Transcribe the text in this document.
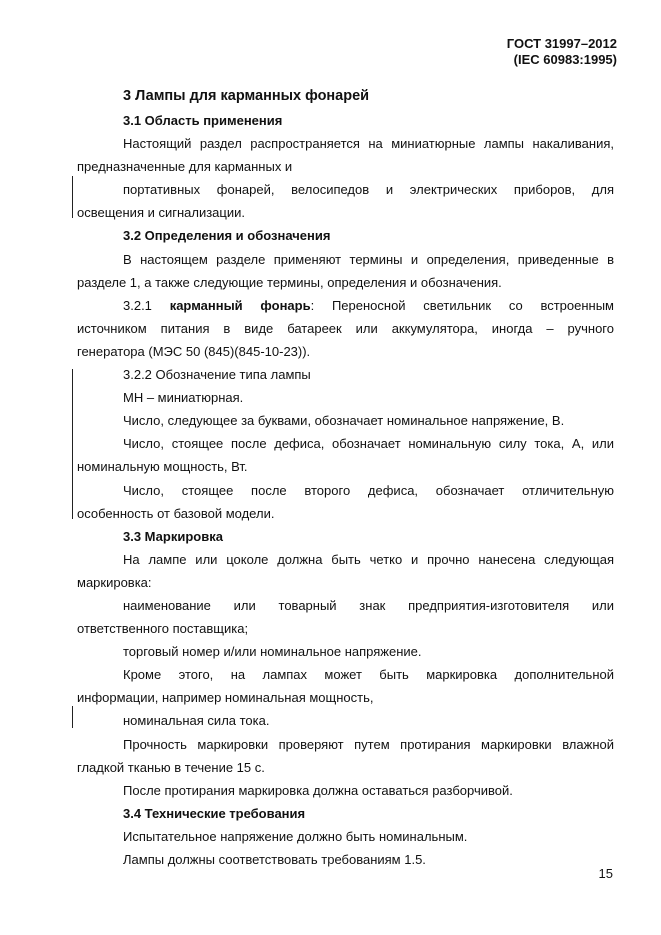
ГОСТ 31997–2012
(IEC 60983:1995)
3 Лампы для карманных фонарей
3.1 Область применения
Настоящий раздел распространяется на миниатюрные лампы накаливания,
предназначенные для карманных и
портативных фонарей, велосипедов и электрических приборов, для
освещения и сигнализации.
3.2 Определения и обозначения
В настоящем разделе применяют термины и определения, приведенные в
разделе 1, а также следующие термины, определения и обозначения.
3.2.1 карманный фонарь: Переносной светильник со встроенным
источником питания в виде батареек или аккумулятора, иногда – ручного
генератора (МЭС 50 (845)(845-10-23)).
3.2.2 Обозначение типа лампы
МН – миниатюрная.
Число, следующее за буквами, обозначает номинальное напряжение, В.
Число, стоящее после дефиса, обозначает номинальную силу тока, А, или
номинальную мощность, Вт.
Число, стоящее после второго дефиса, обозначает отличительную
особенность от базовой модели.
3.3 Маркировка
На лампе или цоколе должна быть четко и прочно нанесена следующая
маркировка:
наименование или товарный знак предприятия-изготовителя или
ответственного поставщика;
торговый номер и/или номинальное напряжение.
Кроме этого, на лампах может быть маркировка дополнительной
информации, например номинальная мощность,
номинальная сила тока.
Прочность маркировки проверяют путем протирания маркировки влажной
гладкой тканью в течение 15 с.
После протирания маркировка должна оставаться разборчивой.
3.4 Технические требования
Испытательное напряжение должно быть номинальным.
Лампы должны соответствовать требованиям 1.5.
15
